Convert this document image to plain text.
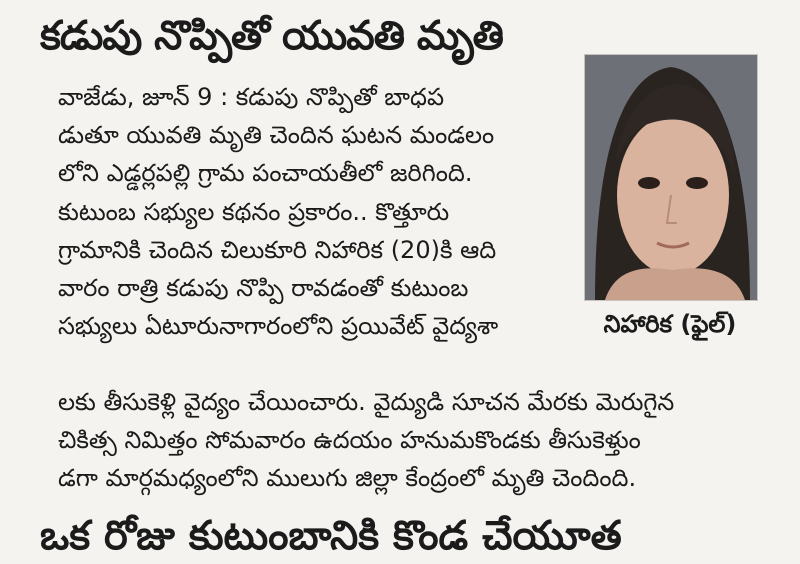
కడుపు నొప్పితో యువతి మృతి
వాజేడు, జూన్ 9 : కడుపు నొప్పితో బాధప
డుతూ యువతి మృతి చెందిన ఘటన మండలం
లోని ఎడ్డర్లపల్లి గ్రామ పంచాయతీలో జరిగింది.
కుటుంబ సభ్యుల కథనం ప్రకారం.. కొత్తూరు
గ్రామానికి చెందిన చిలుకూరి నిహారిక (20)కి ఆది
వారం రాత్రి కడుపు నొప్పి రావడంతో కుటుంబ
సభ్యులు ఏటూరునాగారంలోని ప్రయివేట్ వైద్యశా
లకు తీసుకెళ్లి వైద్యం చేయించారు. వైద్యుడి సూచన మేరకు మెరుగైన
చికిత్స నిమిత్తం సోమవారం ఉదయం హనుమకొండకు తీసుకెళ్తుం
డగా మార్గమధ్యంలోని ములుగు జిల్లా కేంద్రంలో మృతి చెందింది.
నిహారిక (ఫైల్)
ఒక రోజు కుటుంబానికి కొండ చేయూత
